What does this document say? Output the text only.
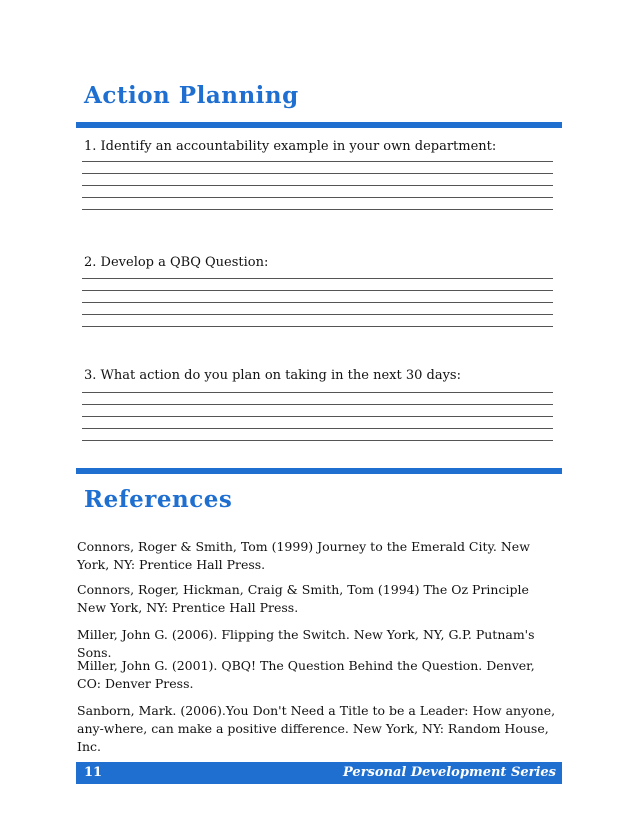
Action Planning

1. Identify an accountability example in your own department:

2. Develop a QBQ Question:

3. What action do you plan on taking in the next 30 days:

References

Connors, Roger & Smith, Tom (1999) Journey to the Emerald City. New York, NY: Prentice Hall Press.

Connors, Roger, Hickman, Craig & Smith, Tom (1994) The Oz Principle New York, NY: Prentice Hall Press.

Miller, John G. (2006). Flipping the Switch. New York, NY, G.P. Putnam's Sons.

Miller, John G. (2001). QBQ! The Question Behind the Question. Denver, CO: Denver Press.

Sanborn, Mark. (2006).You Don't Need a Title to be a Leader: How anyone, any-where, can make a positive difference. New York, NY: Random House, Inc.

11	Personal Development Series
